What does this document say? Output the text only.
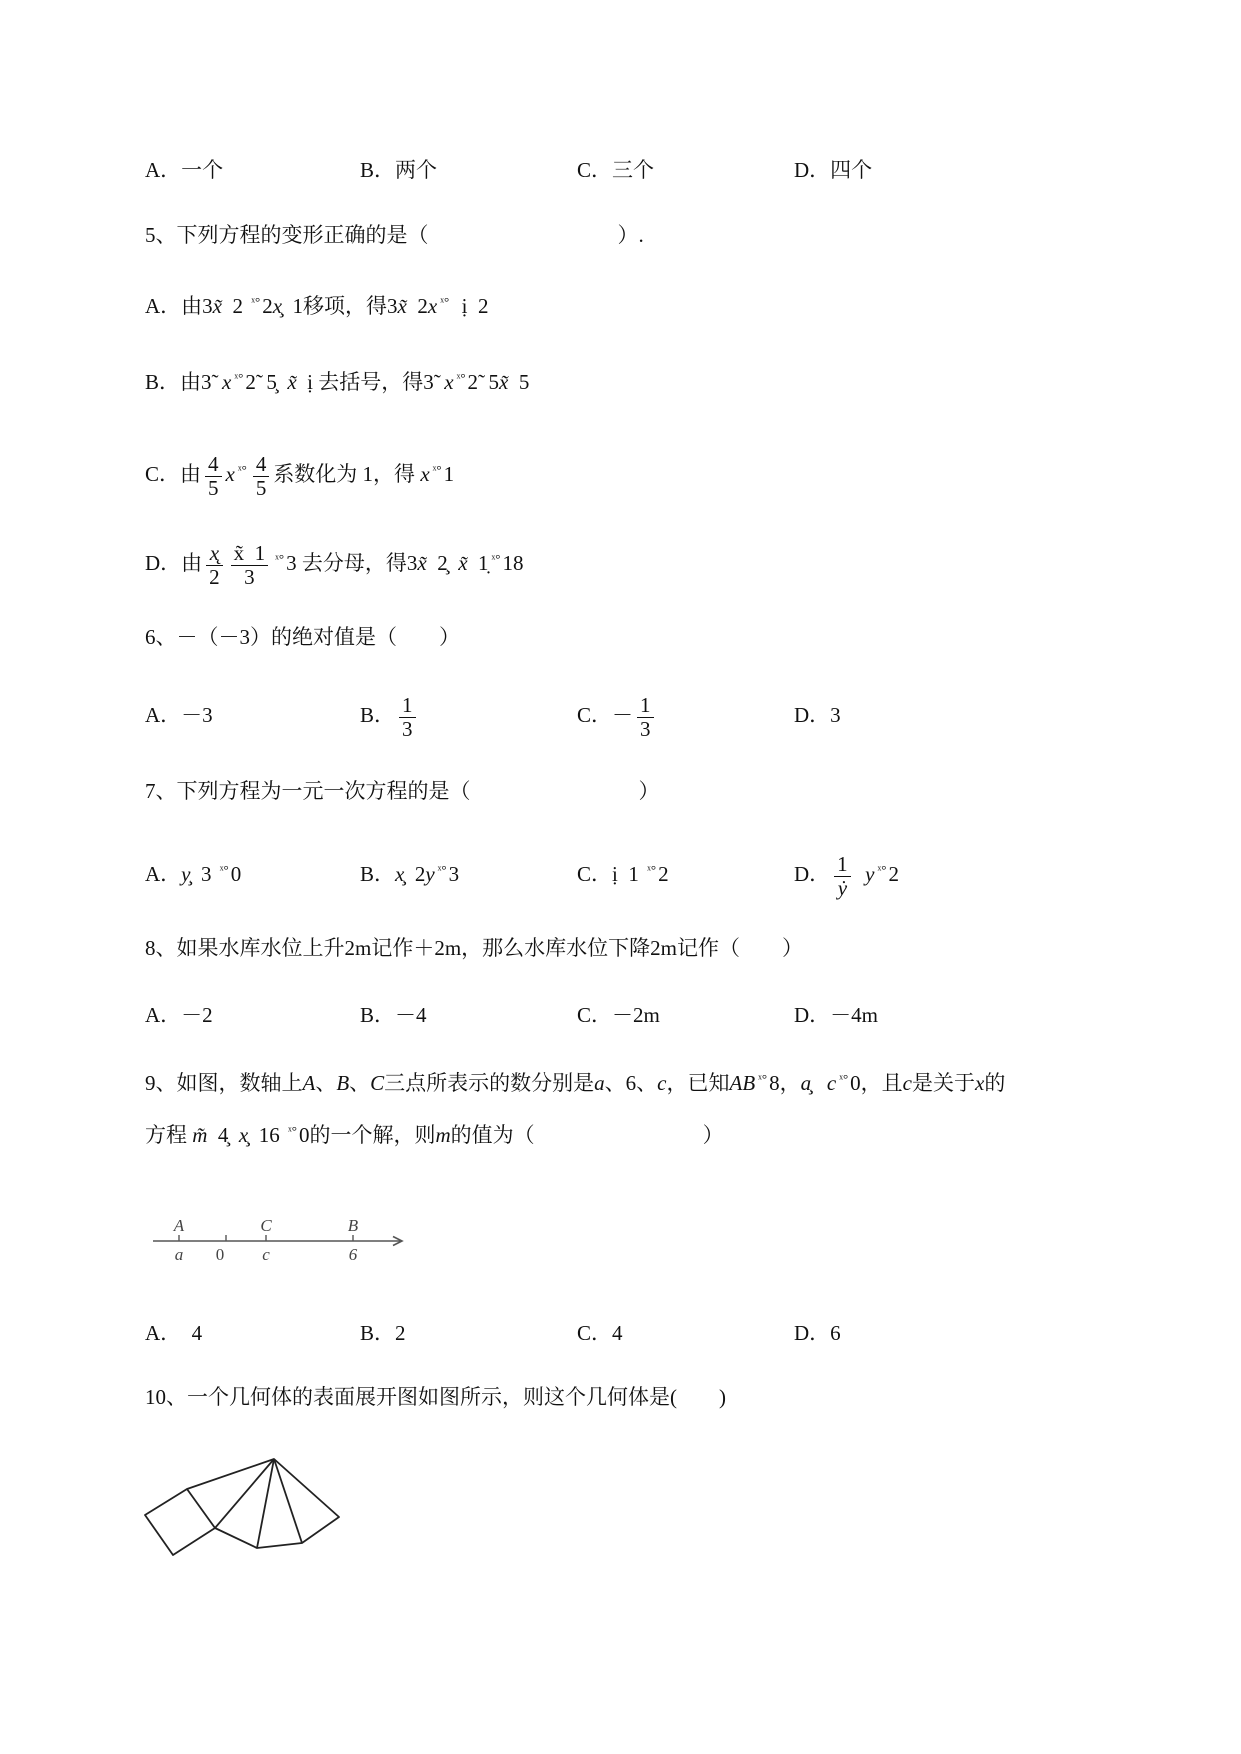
A．一个	B．两个	C．三个	D．四个
5、下列方程的变形正确的是（　　　　　　　　　）.
A．由3x̃  2 $^{ˣ^\circ}$2x̧  1移项，得3x̃  2x $^{ˣ^\circ}$  ị  2
B．由3̃  x $^{ˣ^\circ}$2̃  5̧  x̃  ị 去括号，得3̃  x $^{ˣ^\circ}$2̃  5x̃  5
C．由 $\frac{4}{5}$ x $^{ˣ^\circ} \frac{4}{5}$ 系数化为 1，得 x $^{ˣ^\circ}$1
D．由 $\frac{x̨}{2} \frac{x̃ 1}{3} ^{ˣ^\circ}3$ 去分母，得3x̃  2̧  x̃  1̣ $^{ˣ^\circ}$18
6、－（－3）的绝对值是（　　）
A．－3	B． $\frac{1}{3}$	C．－ $\frac{1}{3}$	D．3
7、下列方程为一元一次方程的是（　　　　　　　　）
A．y̧  3 $^{ˣ^\circ}$0	B．x̧  2y $^{ˣ^\circ}$3	C．ị  1 $^{ˣ^\circ}$2	D． $\frac{1}{\text{ẏ}}$ y $^{ˣ^\circ}$2
8、如果水库水位上升2m记作＋2m，那么水库水位下降2m记作（　　）
A．－2	B．－4	C．－2m	D．－4m
9、如图，数轴上A、B、C三点所表示的数分别是a、6、c，已知AB $^{ˣ^\circ}$8，a̧ c $^{ˣ^\circ}$0，且c是关于x的
方程 m̃  4̧  x̧  16 $^{ˣ^\circ}$0的一个解，则m的值为（　　　　　　　　）
A	C	B
a 0 c	6
A．  4	B．2	C．4	D．6
10、一个几何体的表面展开图如图所示，则这个几何体是(　　)
